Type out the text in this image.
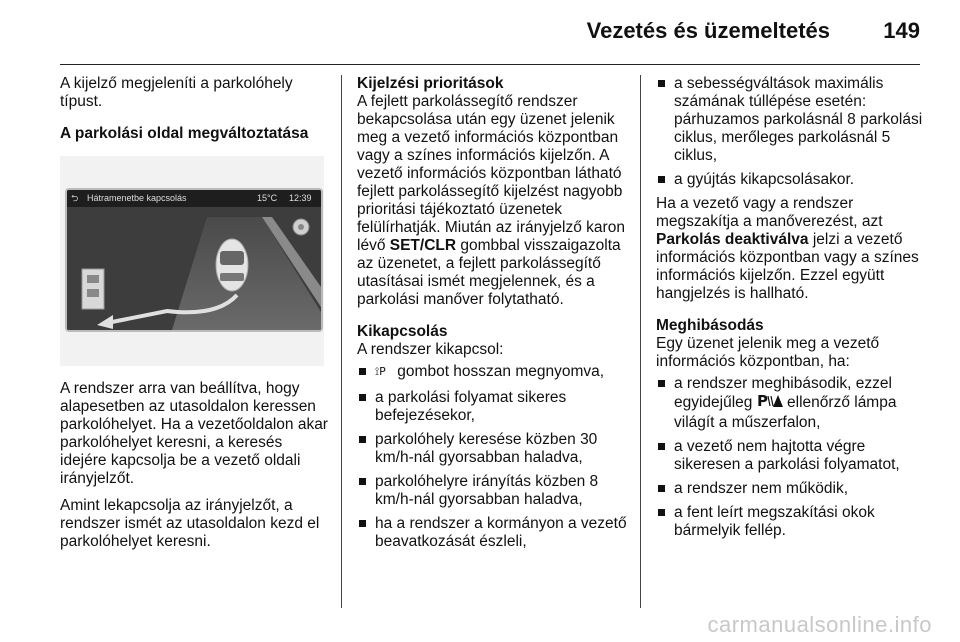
Vezetés és üzemeltetés 149

A kijelző megjeleníti a parkolóhely típust.

A parkolási oldal megváltoztatása

⮌ Hátramenetbe kapcsolás	15°C 12:39

A rendszer arra van beállítva, hogy alapesetben az utasoldalon keressen parkolóhelyet. Ha a vezetőoldalon akar parkolóhelyet keresni, a keresés idejére kapcsolja be a vezető oldali irányjelzőt.

Amint lekapcsolja az irányjelzőt, a rendszer ismét az utasoldalon kezd el parkolóhelyet keresni.

Kijelzési prioritások

A fejlett parkolássegítő rendszer bekapcsolása után egy üzenet jelenik meg a vezető információs központban vagy a színes információs kijelzőn. A vezető információs központban látható fejlett parkolássegítő kijelzést nagyobb prioritási tájékoztató üzenetek felülírhatják. Miután az irányjelző karon lévő SET/CLR gombbal visszaigazolta az üzenetet, a fejlett parkolássegítő utasításai ismét megjelennek, és a parkolási manőver folytatható.

Kikapcsolás

A rendszer kikapcsol:

⟟P gombot hosszan megnyomva,
a parkolási folyamat sikeres befejezésekor,
parkolóhely keresése közben 30 km/h-nál gyorsabban haladva,
parkolóhelyre irányítás közben 8 km/h-nál gyorsabban haladva,
ha a rendszer a kormányon a vezető beavatkozását észleli,
a sebességváltások maximális számának túllépése esetén: párhuzamos parkolásnál 8 parkolási ciklus, merőleges parkolásnál 5 ciklus,
a gyújtás kikapcsolásakor.

Ha a vezető vagy a rendszer megszakítja a manőverezést, azt Parkolás deaktiválva jelzi a vezető információs központban vagy a színes információs kijelzőn. Ezzel együtt hangjelzés is hallható.

Meghibásodás

Egy üzenet jelenik meg a vezető információs központban, ha:

a rendszer meghibásodik, ezzel egyidejűleg P ellenőrző lámpa világít a műszerfalon,
a vezető nem hajtotta végre sikeresen a parkolási folyamatot,
a rendszer nem működik,
a fent leírt megszakítási okok bármelyik fellép.
carmanualsonline.info
